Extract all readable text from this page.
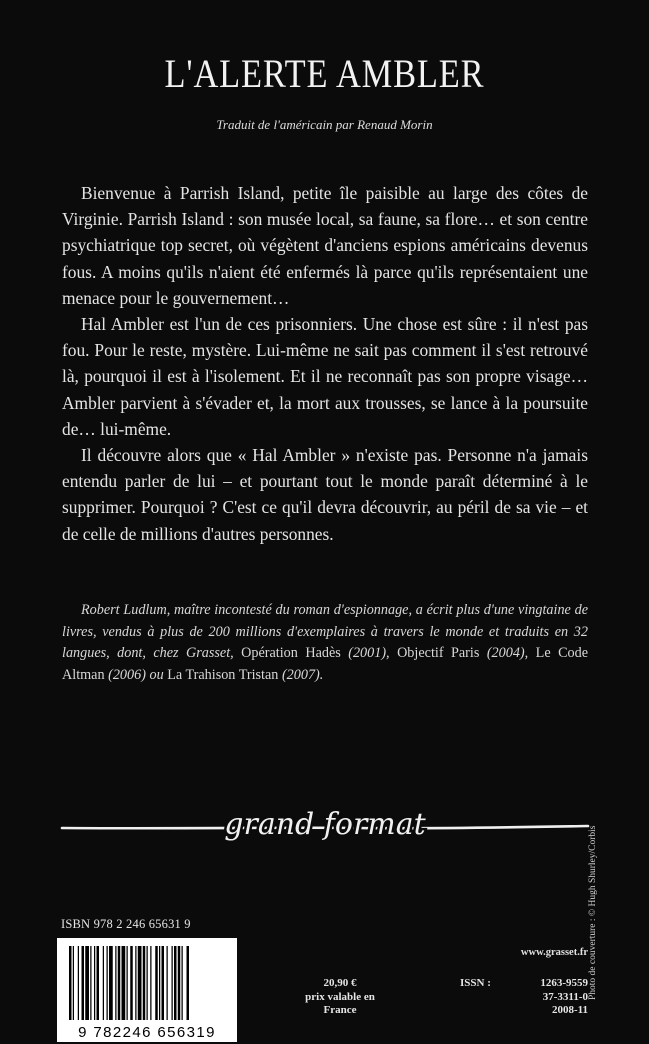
L'ALERTE AMBLER
Traduit de l'américain par Renaud Morin

Bienvenue à Parrish Island, petite île paisible au large des côtes de Virginie. Parrish Island : son musée local, sa faune, sa flore… et son centre psychiatrique top secret, où végètent d'anciens espions américains devenus fous. A moins qu'ils n'aient été enfermés là parce qu'ils représentaient une menace pour le gouvernement…

Hal Ambler est l'un de ces prisonniers. Une chose est sûre : il n'est pas fou. Pour le reste, mystère. Lui-même ne sait pas comment il s'est retrouvé là, pourquoi il est à l'isolement. Et il ne reconnaît pas son propre visage… Ambler parvient à s'évader et, la mort aux trousses, se lance à la poursuite de… lui-même.

Il découvre alors que « Hal Ambler » n'existe pas. Personne n'a jamais entendu parler de lui – et pourtant tout le monde paraît déterminé à le supprimer. Pourquoi ? C'est ce qu'il devra découvrir, au péril de sa vie – et de celle de millions d'autres personnes.

Robert Ludlum, maître incontesté du roman d'espionnage, a écrit plus d'une vingtaine de livres, vendus à plus de 200 millions d'exemplaires à travers le monde et traduits en 32 langues, dont, chez Grasset, Opération Hadès (2001), Objectif Paris (2004), Le Code Altman (2006) ou La Trahison Tristan (2007).
grand format
Photo de couverture : © Hugh Shurley/Corbis
ISBN 978 2 246 65631 9
9 782246 656319
www.grasset.fr
20,90 €
prix valable en
France
ISSN :	1263-9559
37-3311-0
2008-11
